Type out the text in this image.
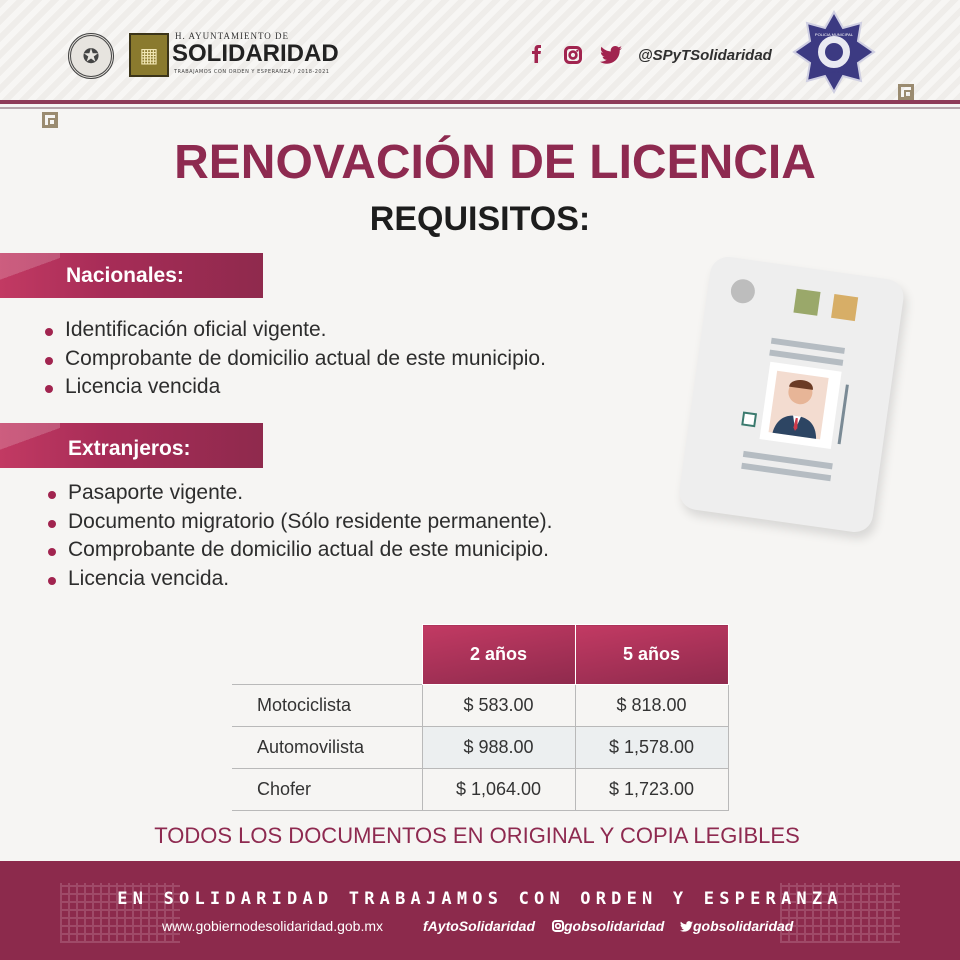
✪	▦
H. AYUNTAMIENTO DE
SOLIDARIDAD
TRABAJAMOS CON ORDEN Y ESPERANZA / 2018-2021
@SPyTSolidaridad
POLICIA MUNICIPAL
SOLIDARIDAD
RENOVACIÓN DE LICENCIA
REQUISITOS:
Nacionales:
Identificación oficial vigente.
Comprobante de domicilio actual de este municipio.
Licencia vencida
Extranjeros:
Pasaporte vigente.
Documento migratorio (Sólo residente permanente).
Comprobante de domicilio actual de este municipio.
Licencia vencida.
	2 años	5 años
Motociclista	$ 583.00	$ 818.00
Automovilista	$ 988.00	$ 1,578.00
Chofer	$ 1,064.00	$ 1,723.00
TODOS LOS DOCUMENTOS EN ORIGINAL Y COPIA LEGIBLES
EN SOLIDARIDAD TRABAJAMOS CON ORDEN Y ESPERANZA
www.gobiernodesolidaridad.gob.mx	fAytoSolidaridad	gobsolidaridad	gobsolidaridad
